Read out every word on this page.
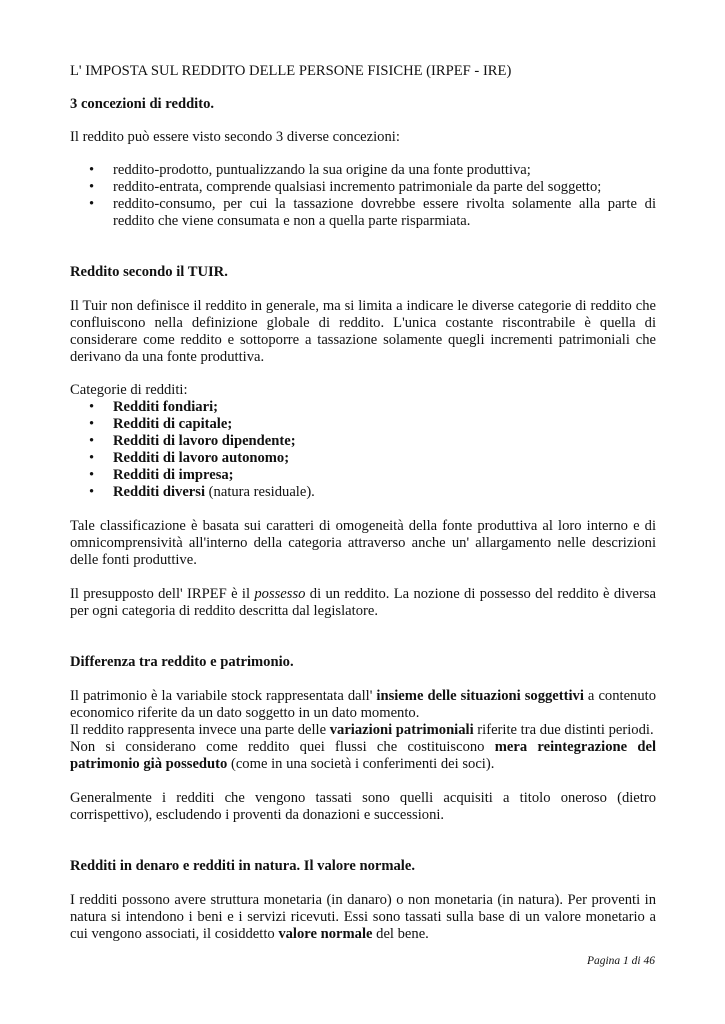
L' IMPOSTA SUL REDDITO DELLE PERSONE FISICHE (IRPEF - IRE)
3 concezioni di reddito.

Il reddito può essere visto secondo 3 diverse concezioni:

• reddito-prodotto, puntualizzando la sua origine da una fonte produttiva;
• reddito-entrata, comprende qualsiasi incremento patrimoniale da parte del soggetto;
• reddito-consumo, per cui la tassazione dovrebbe essere rivolta solamente alla parte di reddito che viene consumata e non a quella parte risparmiata.
Reddito secondo il TUIR.

Il Tuir non definisce il reddito in generale, ma si limita a indicare le diverse categorie di reddito che confluiscono nella definizione globale di reddito. L'unica costante riscontrabile è quella di considerare come reddito e sottoporre a tassazione solamente quegli incrementi patrimoniali che derivano da una fonte produttiva.

Categorie di redditi:

• Redditi fondiari;
• Redditi di capitale;
• Redditi di lavoro dipendente;
• Redditi di lavoro autonomo;
• Redditi di impresa;
• Redditi diversi (natura residuale).

Tale classificazione è basata sui caratteri di omogeneità della fonte produttiva al loro interno e di omnicomprensività all'interno della categoria attraverso anche un' allargamento nelle descrizioni delle fonti produttive.

Il presupposto dell' IRPEF è il possesso di un reddito. La nozione di possesso del reddito è diversa per ogni categoria di reddito descritta dal legislatore.

Differenza tra reddito e patrimonio.

Il patrimonio è la variabile stock rappresentata dall' insieme delle situazioni soggettivi a contenuto economico riferite da un dato soggetto in un dato momento.

Il reddito rappresenta invece una parte delle variazioni patrimoniali riferite tra due distinti periodi.

Non si considerano come reddito quei flussi che costituiscono mera reintegrazione del patrimonio già posseduto (come in una società i conferimenti dei soci).

Generalmente i redditi che vengono tassati sono quelli acquisiti a titolo oneroso (dietro corrispettivo), escludendo i proventi da donazioni e successioni.

Redditi in denaro e redditi in natura. Il valore normale.

I redditi possono avere struttura monetaria (in danaro) o non monetaria (in natura). Per proventi in natura si intendono i beni e i servizi ricevuti. Essi sono tassati sulla base di un valore monetario a cui vengono associati, il cosiddetto valore normale del bene.

Pagina 1 di 46
